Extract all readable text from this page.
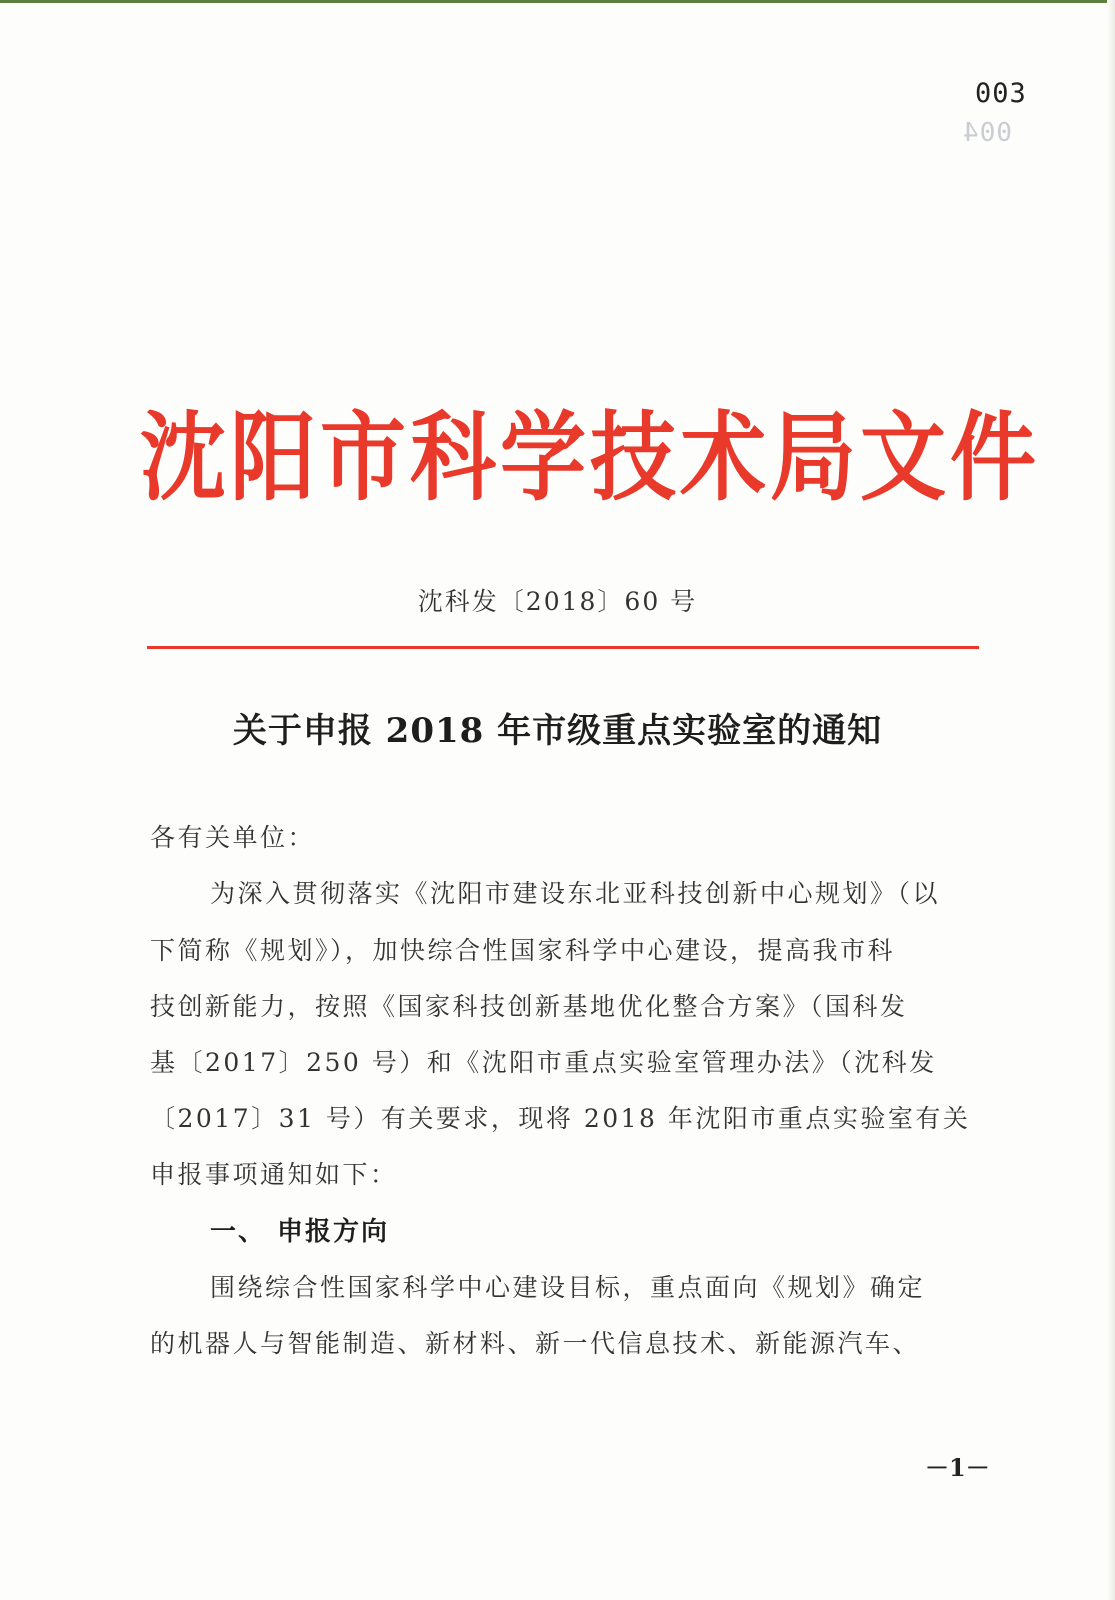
003
004
沈阳市科学技术局文件
沈科发〔2018〕60 号
关于申报 2018 年市级重点实验室的通知
各有关单位：
为深入贯彻落实《沈阳市建设东北亚科技创新中心规划》（以
下简称《规划》），加快综合性国家科学中心建设，提高我市科
技创新能力，按照《国家科技创新基地优化整合方案》（国科发
基〔2017〕250 号）和《沈阳市重点实验室管理办法》（沈科发
〔2017〕31 号）有关要求，现将 2018 年沈阳市重点实验室有关
申报事项通知如下：
一、 申报方向
围绕综合性国家科学中心建设目标，重点面向《规划》确定
的机器人与智能制造、新材料、新一代信息技术、新能源汽车、
－1－
